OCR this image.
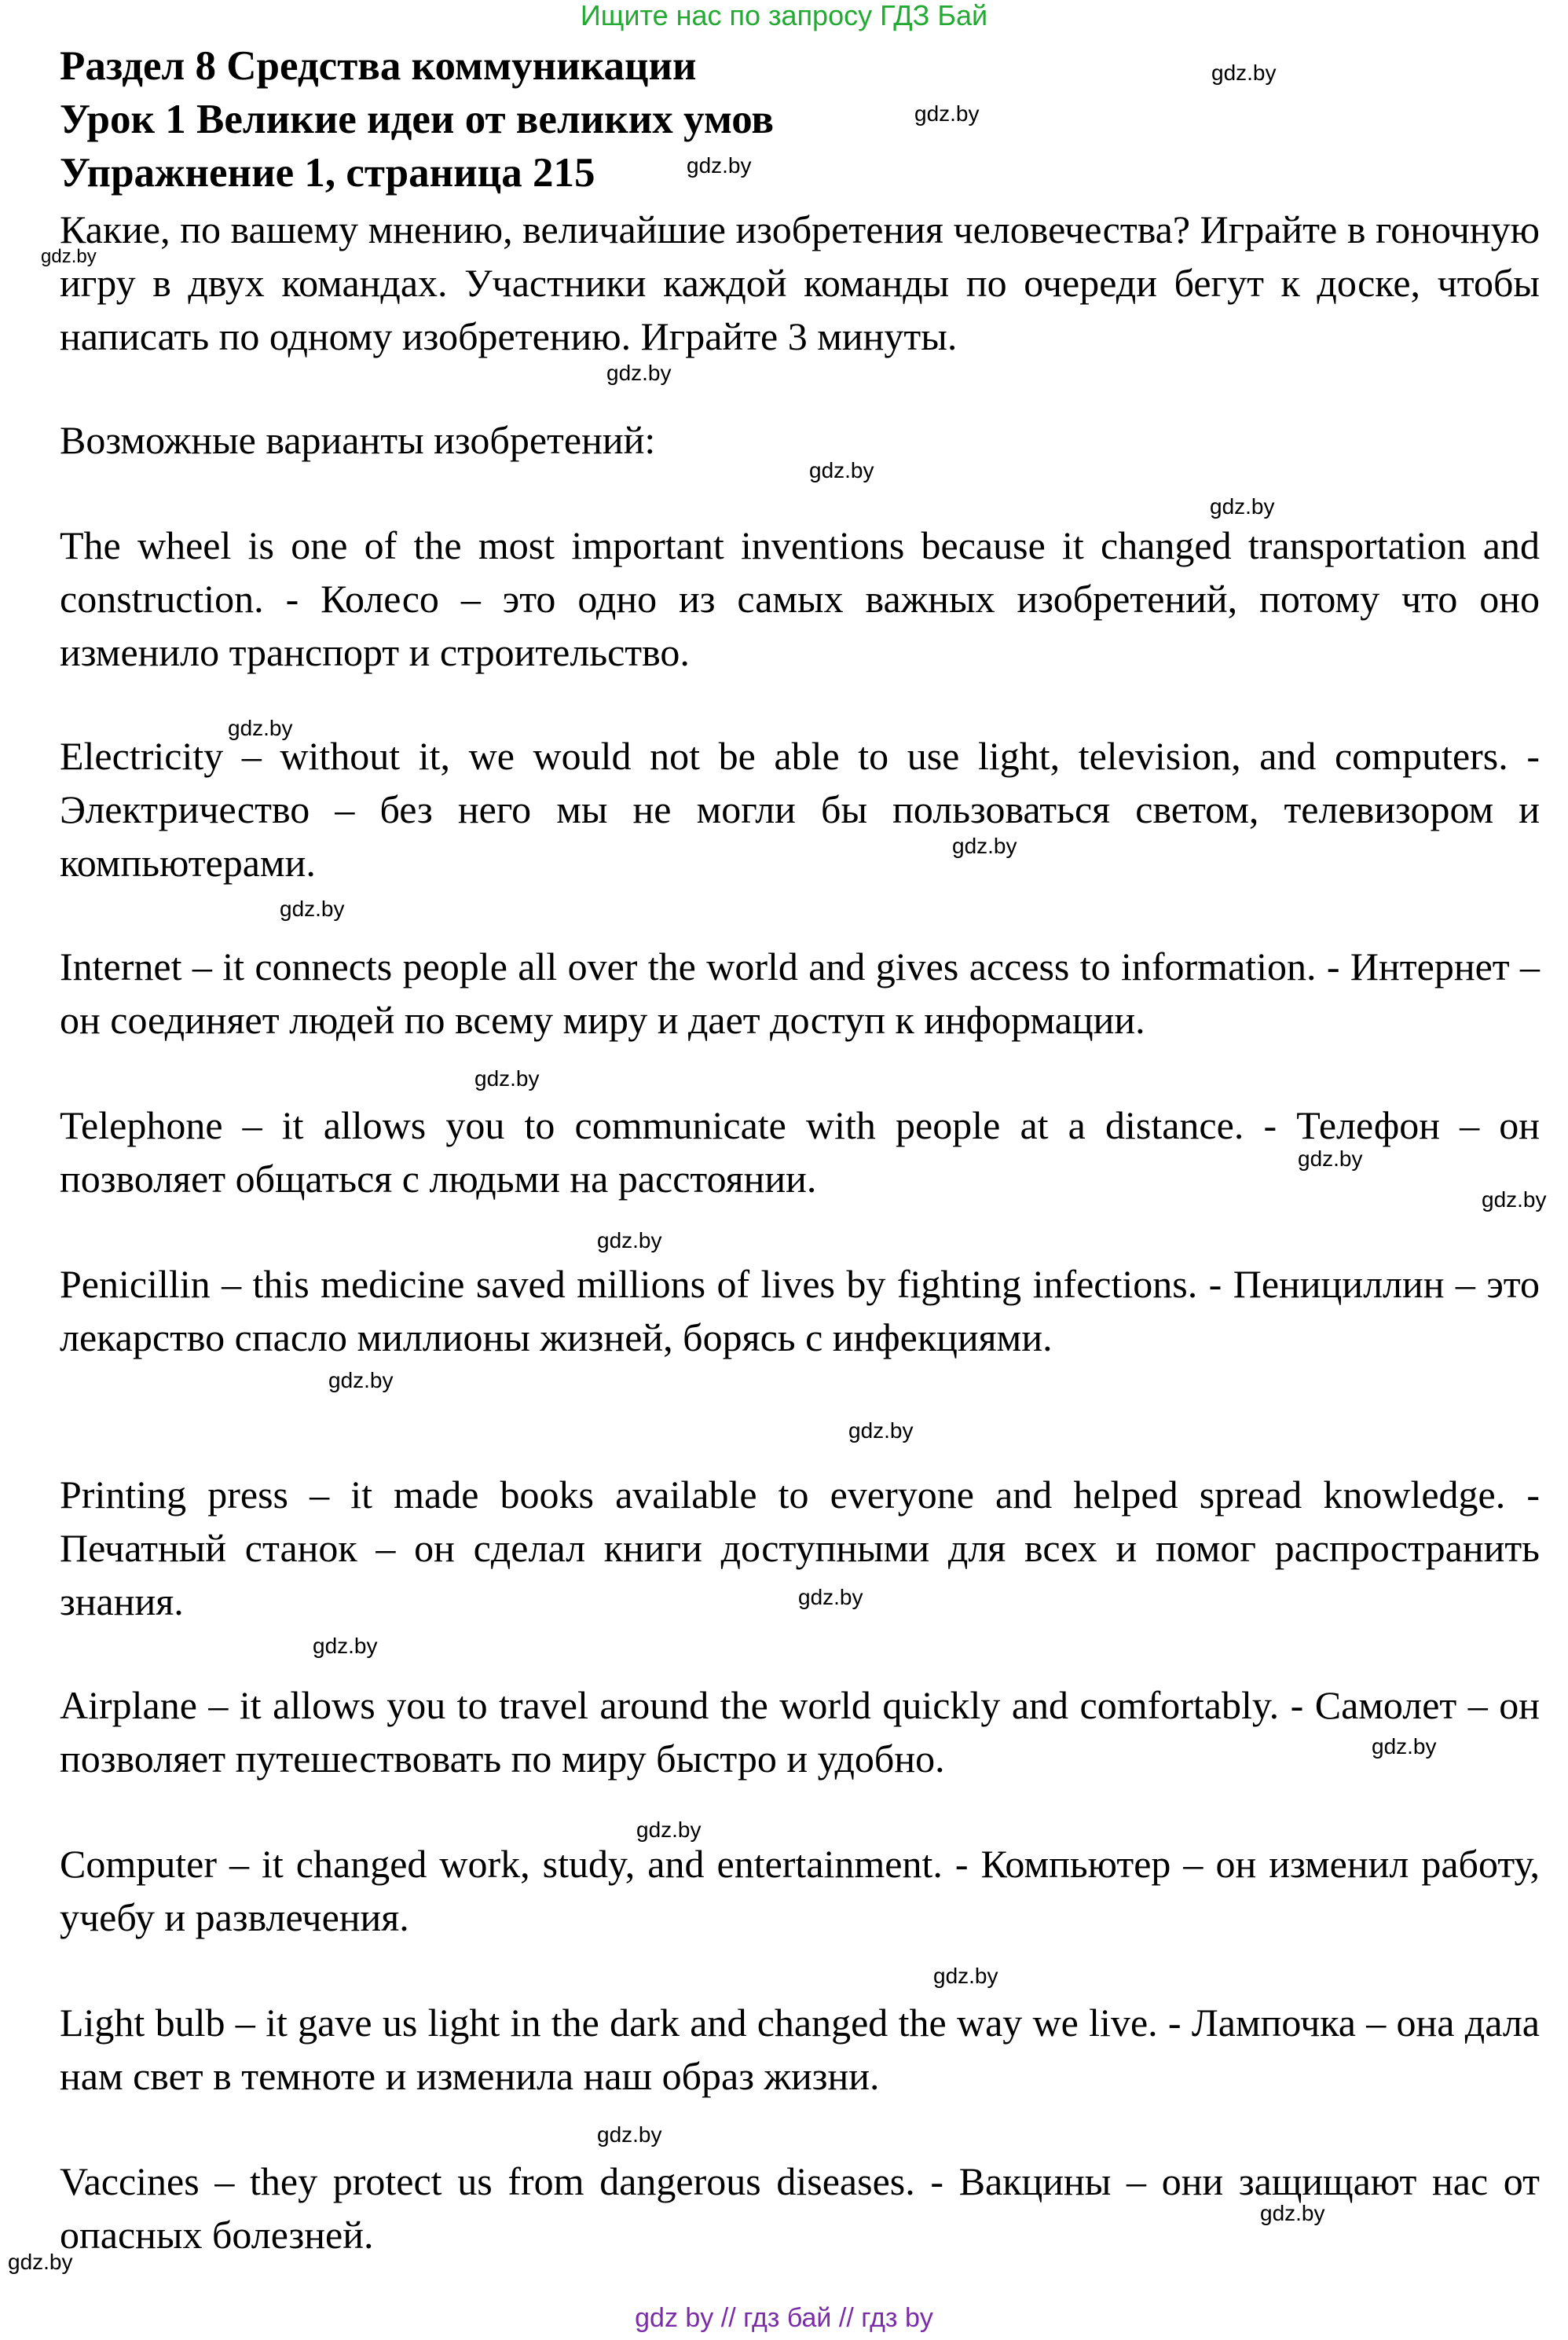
Ищите нас по запросу ГДЗ Бай
Раздел 8 Средства коммуникации
Урок 1 Великие идеи от великих умов
Упражнение 1, страница 215
Какие, по вашему мнению, величайшие изобретения человечества? Играйте в гоночную игру в двух командах. Участники каждой команды по очереди бегут к доске, чтобы написать по одному изобретению. Играйте 3 минуты.
Возможные варианты изобретений:
The wheel is one of the most important inventions because it changed transportation and construction. - Колесо – это одно из самых важных изобретений, потому что оно изменило транспорт и строительство.
Electricity – without it, we would not be able to use light, television, and computers. - Электричество – без него мы не могли бы пользоваться светом, телевизором и компьютерами.
Internet – it connects people all over the world and gives access to information. - Интернет – он соединяет людей по всему миру и дает доступ к информации.
Telephone – it allows you to communicate with people at a distance. - Телефон – он позволяет общаться с людьми на расстоянии.
Penicillin – this medicine saved millions of lives by fighting infections. - Пенициллин – это лекарство спасло миллионы жизней, борясь с инфекциями.
Printing press – it made books available to everyone and helped spread knowledge. - Печатный станок – он сделал книги доступными для всех и помог распространить знания.
Airplane – it allows you to travel around the world quickly and comfortably. - Самолет – он позволяет путешествовать по миру быстро и удобно.
Computer – it changed work, study, and entertainment. - Компьютер – он изменил работу, учебу и развлечения.
Light bulb – it gave us light in the dark and changed the way we live. - Лампочка – она дала нам свет в темноте и изменила наш образ жизни.
Vaccines – they protect us from dangerous diseases. - Вакцины – они защищают нас от опасных болезней.
gdz.by
gdz.by
gdz.by
gdz.by
gdz.by
gdz.by
gdz.by
gdz.by
gdz.by
gdz.by
gdz.by
gdz.by
gdz.by
gdz.by
gdz.by
gdz.by
gdz.by
gdz.by
gdz.by
gdz.by
gdz.by
gdz.by
gdz.by
gdz.by
gdz by // гдз бай // гдз by
